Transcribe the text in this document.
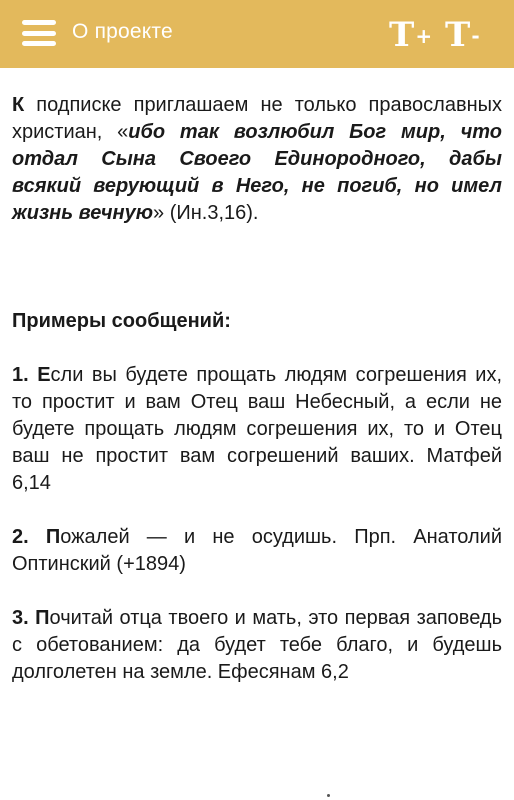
О проекте	T + T -

К подписке приглашаем не только православных христиан, «ибо так возлюбил Бог мир, что отдал Сына Своего Единородного, дабы всякий верующий в Него, не погиб, но имел жизнь вечную» (Ин.3,16).

Примеры сообщений:

1. Если вы будете прощать людям согрешения их, то простит и вам Отец ваш Небесный, а если не будете прощать людям согрешения их, то и Отец ваш не простит вам согрешений ваших. Матфей 6,14

2. Пожалей — и не осудишь. Прп. Анатолий Оптинский (+1894)

3. Почитай отца твоего и мать, это первая заповедь с обетованием: да будет тебе благо, и будешь долголетен на земле. Ефесянам 6,2
